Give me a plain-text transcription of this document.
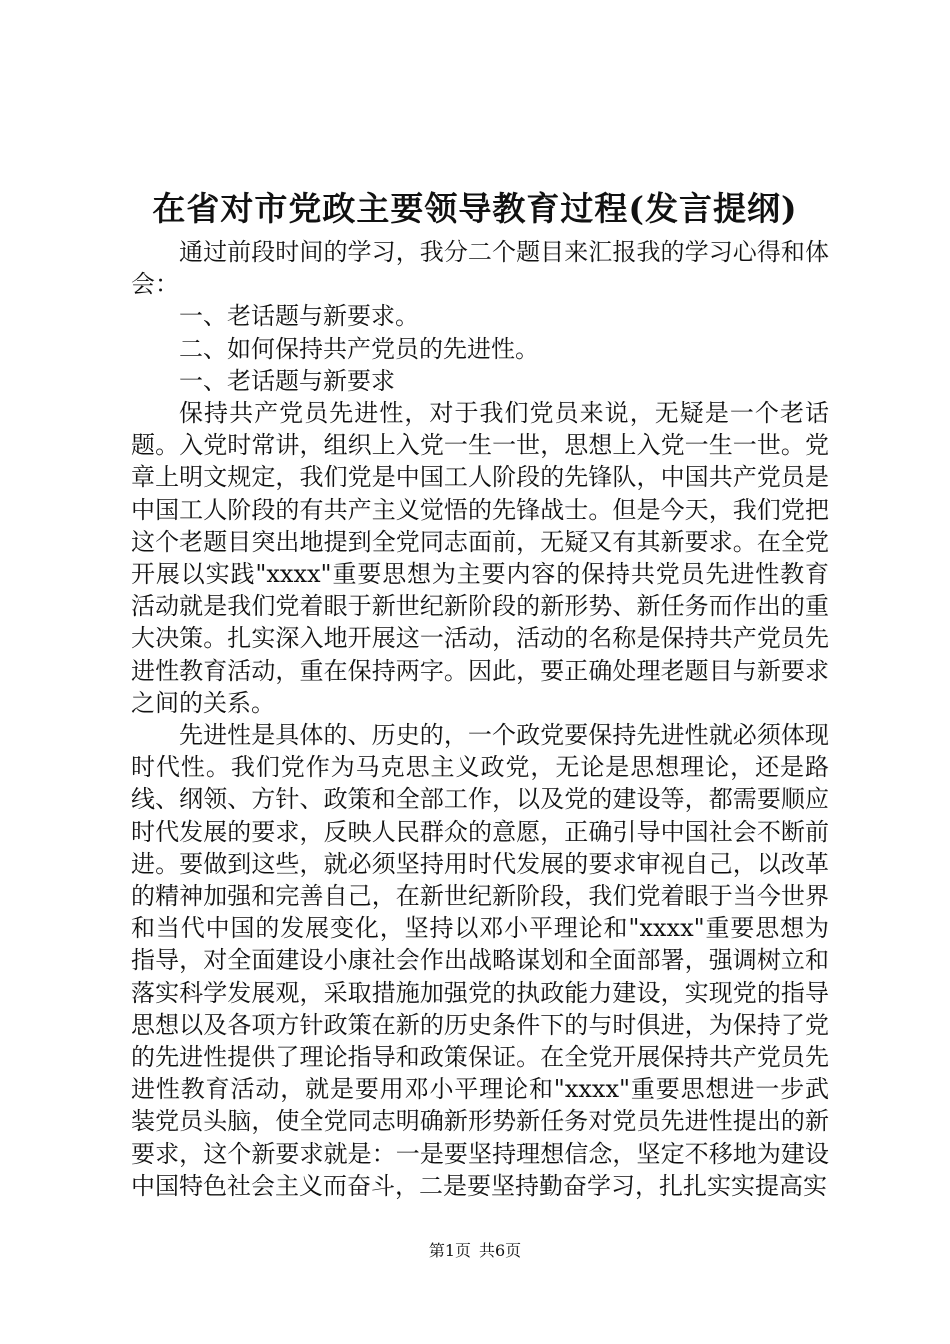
在省对市党政主要领导教育过程(发言提纲)

通过前段时间的学习，我分二个题目来汇报我的学习心得和体会：

一、老话题与新要求。

二、如何保持共产党员的先进性。

一、老话题与新要求

保持共产党员先进性，对于我们党员来说，无疑是一个老话题。入党时常讲，组织上入党一生一世，思想上入党一生一世。党章上明文规定，我们党是中国工人阶段的先锋队，中国共产党员是中国工人阶段的有共产主义觉悟的先锋战士。但是今天，我们党把这个老题目突出地提到全党同志面前，无疑又有其新要求。在全党开展以实践"xxxx"重要思想为主要内容的保持共党员先进性教育活动就是我们党着眼于新世纪新阶段的新形势、新任务而作出的重大决策。扎实深入地开展这一活动，活动的名称是保持共产党员先进性教育活动，重在保持两字。因此，要正确处理老题目与新要求之间的关系。

先进性是具体的、历史的，一个政党要保持先进性就必须体现时代性。我们党作为马克思主义政党，无论是思想理论，还是路线、纲领、方针、政策和全部工作，以及党的建设等，都需要顺应时代发展的要求，反映人民群众的意愿，正确引导中国社会不断前进。要做到这些，就必须坚持用时代发展的要求审视自己，以改革的精神加强和完善自己，在新世纪新阶段，我们党着眼于当今世界和当代中国的发展变化，坚持以邓小平理论和"xxxx"重要思想为指导，对全面建设小康社会作出战略谋划和全面部署，强调树立和落实科学发展观，采取措施加强党的执政能力建设，实现党的指导思想以及各项方针政策在新的历史条件下的与时俱进，为保持了党的先进性提供了理论指导和政策保证。在全党开展保持共产党员先进性教育活动，就是要用邓小平理论和"xxxx"重要思想进一步武装党员头脑，使全党同志明确新形势新任务对党员先进性提出的新要求，这个新要求就是：一是要坚持理想信念，坚定不移地为建设中国特色社会主义而奋斗，二是要坚持勤奋学习，扎扎实实提高实

第1页 共6页
